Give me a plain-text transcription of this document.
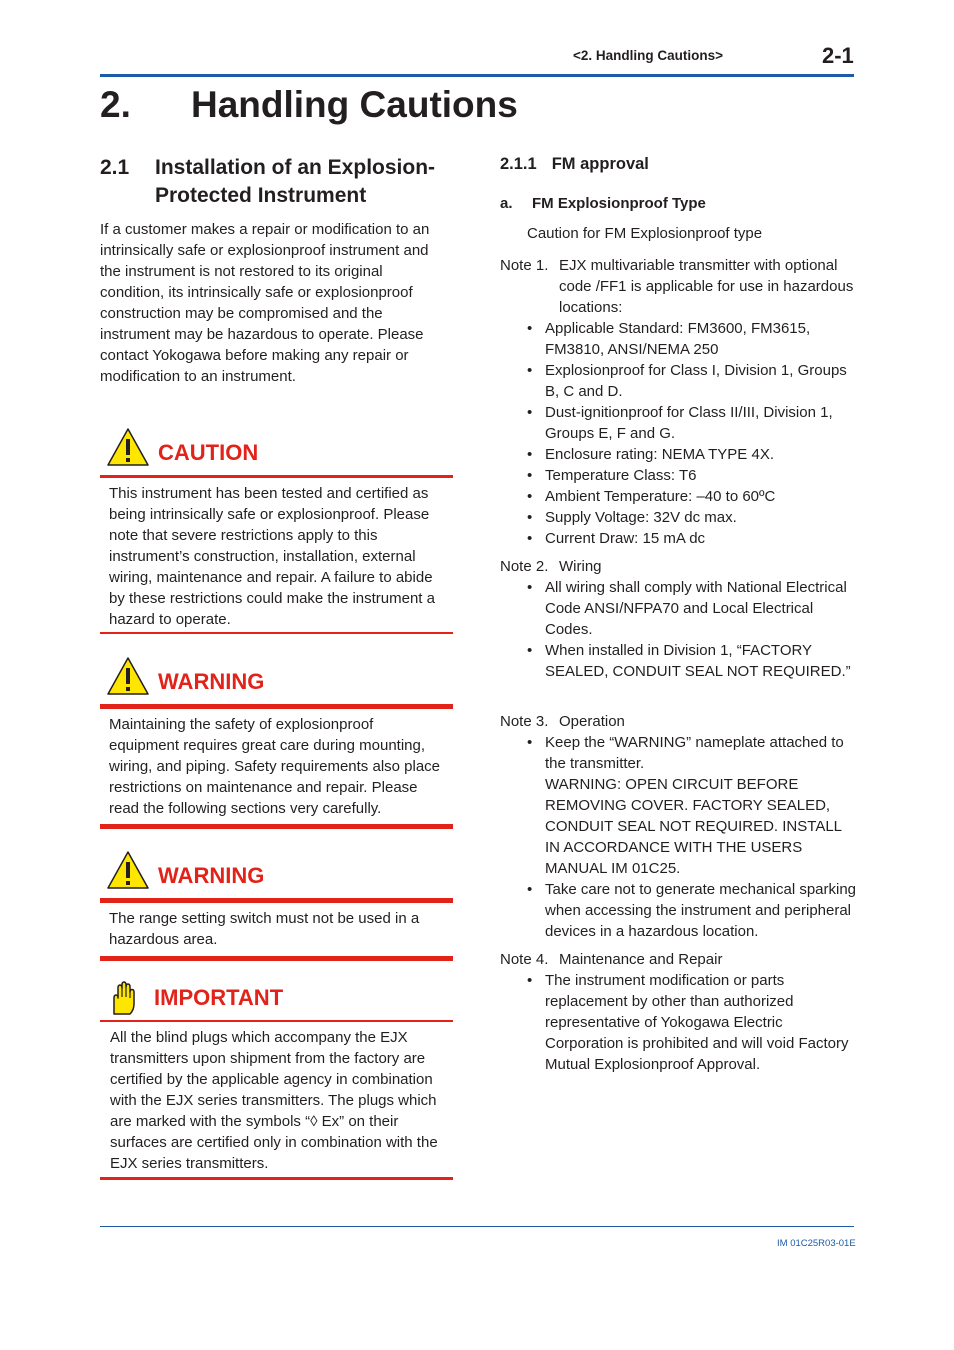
<2. Handling Cautions>	2-1
2. Handling Cautions
2.1 Installation of an Explosion-Protected Instrument
If a customer makes a repair or modification to an intrinsically safe or explosionproof instrument and the instrument is not restored to its original condition, its intrinsically safe or explosionproof construction may be compromised and the instrument may be hazardous to operate. Please contact Yokogawa before making any repair or modification to an instrument.
CAUTION
This instrument has been tested and certified as being intrinsically safe or explosionproof. Please note that severe restrictions apply to this instrument’s construction, installation, external wiring, maintenance and repair. A failure to abide by these restrictions could make the instrument a hazard to operate.
WARNING
Maintaining the safety of explosionproof equipment requires great care during mounting, wiring, and piping. Safety requirements also place restrictions on maintenance and repair. Please read the following sections very carefully.
WARNING
The range setting switch must not be used in a hazardous area.
IMPORTANT
All the blind plugs which accompany the EJX transmitters upon shipment from the factory are certified by the applicable agency in combination with the EJX series transmitters. The plugs which are marked with the symbols “◊ Ex” on their surfaces are certified only in combination with the EJX series transmitters.
2.1.1 FM approval
a. FM Explosionproof Type
Caution for FM Explosionproof type
Note 1. EJX multivariable transmitter with optional code /FF1 is applicable for use in hazardous locations:
• Applicable Standard: FM3600, FM3615, FM3810, ANSI/NEMA 250
• Explosionproof for Class I, Division 1, Groups B, C and D.
• Dust-ignitionproof for Class II/III, Division 1, Groups E, F and G.
• Enclosure rating: NEMA TYPE 4X.
• Temperature Class: T6
• Ambient Temperature: –40 to 60ºC
• Supply Voltage: 32V dc max.
• Current Draw: 15 mA dc
Note 2. Wiring
• All wiring shall comply with National Electrical Code ANSI/NFPA70 and Local Electrical Codes.
• When installed in Division 1, “FACTORY SEALED, CONDUIT SEAL NOT REQUIRED.”
Note 3. Operation
• Keep the “WARNING” nameplate attached to the transmitter.
WARNING: OPEN CIRCUIT BEFORE REMOVING COVER. FACTORY SEALED, CONDUIT SEAL NOT REQUIRED. INSTALL IN ACCORDANCE WITH THE USERS MANUAL IM 01C25.
• Take care not to generate mechanical sparking when accessing the instrument and peripheral devices in a hazardous location.
Note 4. Maintenance and Repair
• The instrument modification or parts replacement by other than authorized representative of Yokogawa Electric Corporation is prohibited and will void Factory Mutual Explosionproof Approval.
IM 01C25R03-01E
